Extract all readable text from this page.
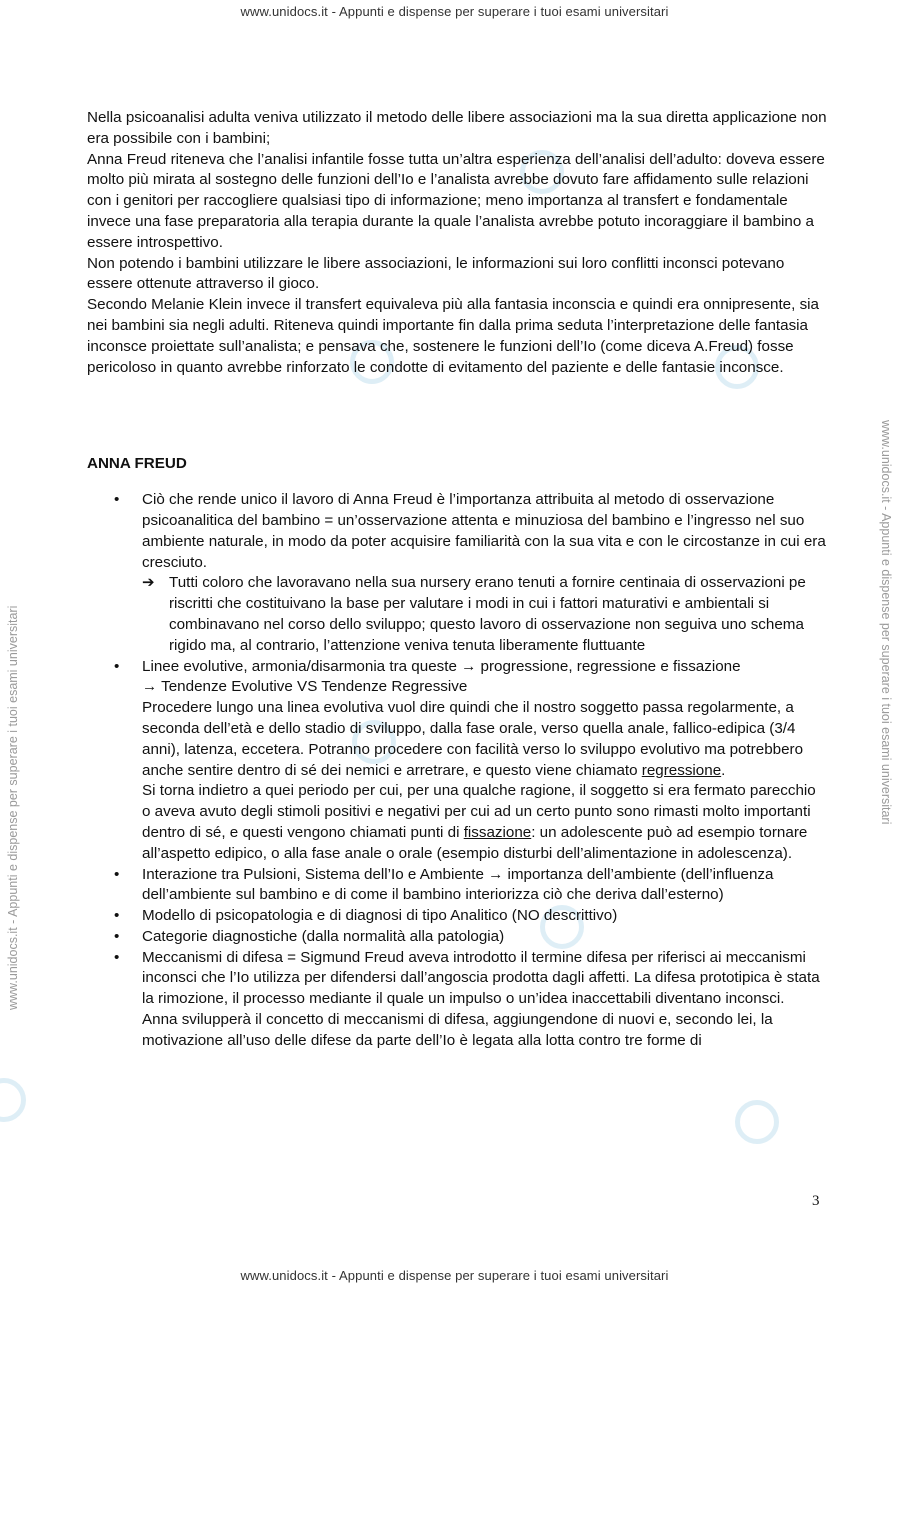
www.unidocs.it - Appunti e dispense per superare i tuoi esami universitari
www.unidocs.it - Appunti e dispense per superare i tuoi esami universitari	www.unidocs.it - Appunti e dispense per superare i tuoi esami universitari

Nella psicoanalisi adulta veniva utilizzato il metodo delle libere associazioni ma la sua diretta applicazione non era possibile con i bambini;

Anna Freud riteneva che l’analisi infantile fosse tutta un’altra esperienza dell’analisi dell’adulto: doveva essere molto più mirata al sostegno delle funzioni dell’Io e l’analista avrebbe dovuto fare affidamento sulle relazioni con i genitori per raccogliere qualsiasi tipo di informazione; meno importanza al transfert e fondamentale invece una fase preparatoria alla terapia durante la quale l’analista avrebbe potuto incoraggiare il bambino a essere introspettivo.

Non potendo i bambini utilizzare le libere associazioni, le informazioni sui loro conflitti inconsci potevano essere ottenute attraverso il gioco.

Secondo Melanie Klein invece il transfert equivaleva più alla fantasia inconscia e quindi era onnipresente, sia nei bambini sia negli adulti. Riteneva quindi importante fin dalla prima seduta l’interpretazione delle fantasia inconsce proiettate sull’analista; e pensava che, sostenere le funzioni dell’Io (come diceva A.Freud) fosse pericoloso in quanto avrebbe rinforzato le condotte di evitamento del paziente e delle fantasie inconsce.

ANNA FREUD

• Ciò che rende unico il lavoro di Anna Freud è l’importanza attribuita al metodo di osservazione psicoanalitica del bambino = un’osservazione attenta e minuziosa del bambino e l’ingresso nel suo ambiente naturale, in modo da poter acquisire familiarità con la sua vita e con le circostanze in cui era cresciuto.
➔ Tutti coloro che lavoravano nella sua nursery erano tenuti a fornire centinaia di osservazioni pe riscritti che costituivano la base per valutare i modi in cui i fattori maturativi e ambientali si combinavano nel corso dello sviluppo; questo lavoro di osservazione non seguiva uno schema rigido ma, al contrario, l’attenzione veniva tenuta liberamente fluttuante
• Linee evolutive, armonia/disarmonia tra queste → progressione, regressione e fissazione
→ Tendenze Evolutive VS Tendenze Regressive
Procedere lungo una linea evolutiva vuol dire quindi che il nostro soggetto passa regolarmente, a seconda dell’età e dello stadio di sviluppo, dalla fase orale, verso quella anale, fallico-edipica (3/4 anni), latenza, eccetera. Potranno procedere con facilità verso lo sviluppo evolutivo ma potrebbero anche sentire dentro di sé dei nemici e arretrare, e questo viene chiamato regressione.
Si torna indietro a quei periodo per cui, per una qualche ragione, il soggetto si era fermato parecchio o aveva avuto degli stimoli positivi e negativi per cui ad un certo punto sono rimasti molto importanti dentro di sé, e questi vengono chiamati punti di fissazione: un adolescente può ad esempio tornare all’aspetto edipico, o alla fase anale o orale (esempio disturbi dell’alimentazione in adolescenza).
• Interazione tra Pulsioni, Sistema dell’Io e Ambiente → importanza dell’ambiente (dell’influenza dell’ambiente sul bambino e di come il bambino interiorizza ciò che deriva dall’esterno)
• Modello di psicopatologia e di diagnosi di tipo Analitico (NO descrittivo)
• Categorie diagnostiche (dalla normalità alla patologia)
• Meccanismi di difesa = Sigmund Freud aveva introdotto il termine difesa per riferisci ai meccanismi inconsci che l’Io utilizza per difendersi dall’angoscia prodotta dagli affetti. La difesa prototipica è stata la rimozione, il processo mediante il quale un impulso o un’idea inaccettabili diventano inconsci.
Anna svilupperà il concetto di meccanismi di difesa, aggiungendone di nuovi e, secondo lei, la motivazione all’uso delle difese da parte dell’Io è legata alla lotta contro tre forme di
3
www.unidocs.it - Appunti e dispense per superare i tuoi esami universitari
